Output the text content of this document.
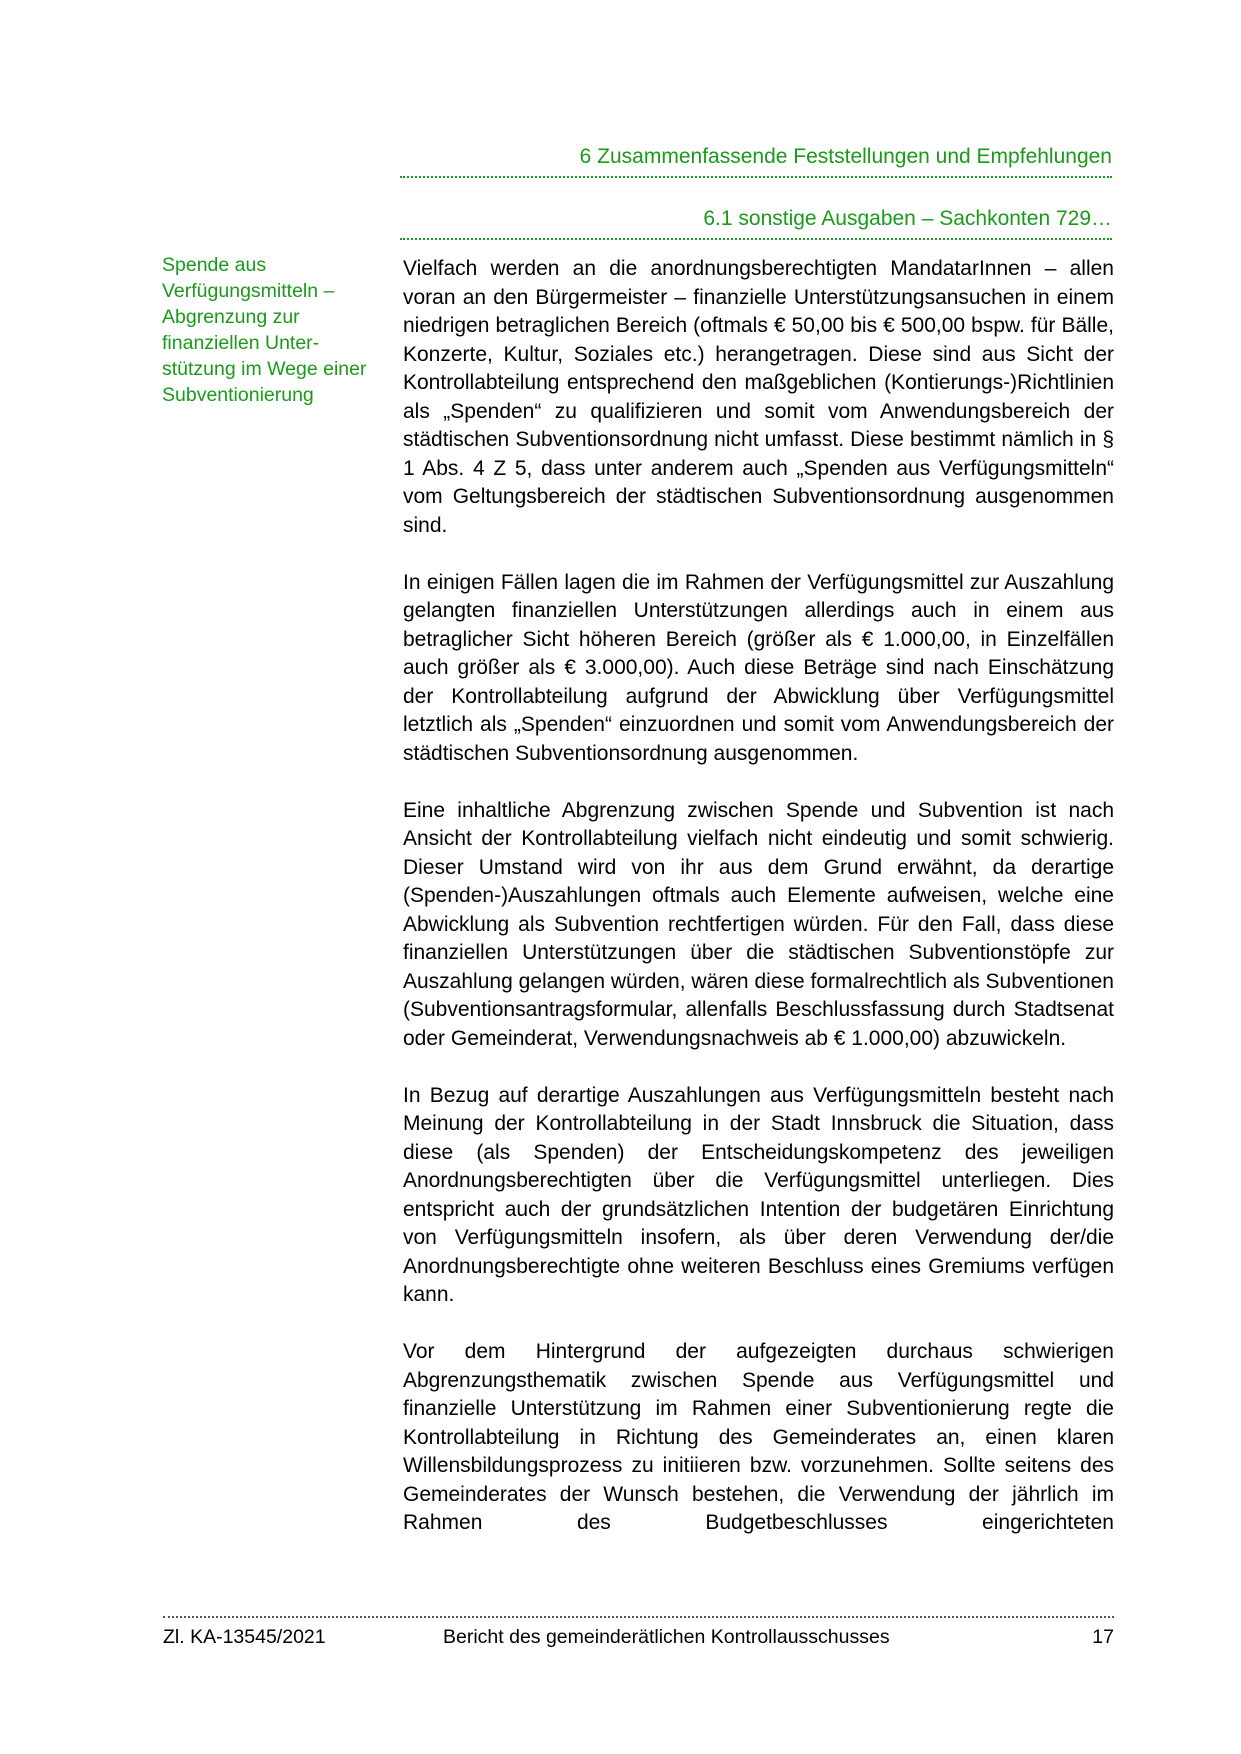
6 Zusammenfassende Feststellungen und Empfehlungen
6.1 sonstige Ausgaben – Sachkonten 729…
Spende aus
Verfügungsmitteln –
Abgrenzung zur
finanziellen Unter-
stützung im Wege einer
Subventionierung

Vielfach werden an die anordnungsberechtigten MandatarInnen – allen voran an den Bürgermeister – finanzielle Unterstützungsansuchen in einem niedrigen betraglichen Bereich (oftmals € 50,00 bis € 500,00 bspw. für Bälle, Konzerte, Kultur, Soziales etc.) herangetragen. Diese sind aus Sicht der Kontrollabteilung entsprechend den maßgeblichen (Kontierungs-)Richtlinien als „Spenden“ zu qualifizieren und somit vom Anwendungsbereich der städtischen Subventionsordnung nicht umfasst. Diese bestimmt nämlich in § 1 Abs. 4 Z 5, dass unter anderem auch „Spenden aus Verfügungsmitteln“ vom Geltungsbereich der städtischen Subventionsordnung ausgenommen sind.

In einigen Fällen lagen die im Rahmen der Verfügungsmittel zur Auszahlung gelangten finanziellen Unterstützungen allerdings auch in einem aus betraglicher Sicht höheren Bereich (größer als € 1.000,00, in Einzelfällen auch größer als € 3.000,00). Auch diese Beträge sind nach Einschätzung der Kontrollabteilung aufgrund der Abwicklung über Verfügungsmittel letztlich als „Spenden“ einzuordnen und somit vom Anwendungsbereich der städtischen Subventionsordnung ausgenommen.

Eine inhaltliche Abgrenzung zwischen Spende und Subvention ist nach Ansicht der Kontrollabteilung vielfach nicht eindeutig und somit schwierig. Dieser Umstand wird von ihr aus dem Grund erwähnt, da derartige (Spenden-)Auszahlungen oftmals auch Elemente aufweisen, welche eine Abwicklung als Subvention rechtfertigen würden. Für den Fall, dass diese finanziellen Unterstützungen über die städtischen Subventionstöpfe zur Auszahlung gelangen würden, wären diese formalrechtlich als Subventionen (Subventionsantragsformular, allenfalls Beschlussfassung durch Stadtsenat oder Gemeinderat, Verwendungsnachweis ab € 1.000,00) abzuwickeln.

In Bezug auf derartige Auszahlungen aus Verfügungsmitteln besteht nach Meinung der Kontrollabteilung in der Stadt Innsbruck die Situation, dass diese (als Spenden) der Entscheidungskompetenz des jeweiligen Anordnungsberechtigten über die Verfügungsmittel unterliegen. Dies entspricht auch der grundsätzlichen Intention der budgetären Einrichtung von Verfügungsmitteln insofern, als über deren Verwendung der/die Anordnungsberechtigte ohne weiteren Beschluss eines Gremiums verfügen kann.

Vor dem Hintergrund der aufgezeigten durchaus schwierigen Abgrenzungsthematik zwischen Spende aus Verfügungsmittel und finanzielle Unterstützung im Rahmen einer Subventionierung regte die Kontrollabteilung in Richtung des Gemeinderates an, einen klaren Willensbildungsprozess zu initiieren bzw. vorzunehmen. Sollte seitens des Gemeinderates der Wunsch bestehen, die Verwendung der jährlich im Rahmen des Budgetbeschlusses eingerichteten

Zl. KA-13545/2021	Bericht des gemeinderätlichen Kontrollausschusses	17
